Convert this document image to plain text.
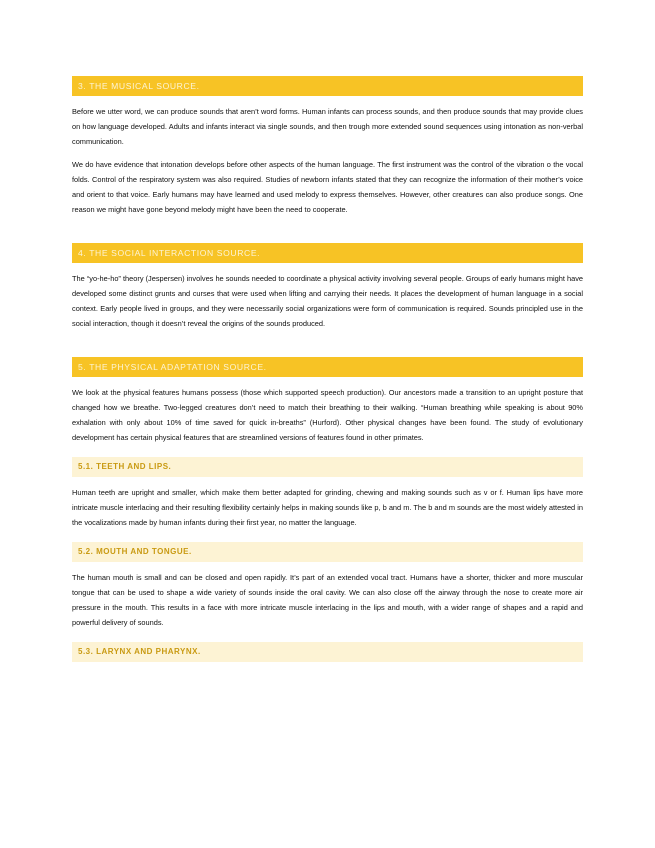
3. THE MUSICAL SOURCE.

Before we utter word, we can produce sounds that aren’t word forms. Human infants can process sounds, and then produce sounds that may provide clues on how language developed. Adults and infants interact via single sounds, and then trough more extended sound sequences using intonation as non-verbal communication.

We do have evidence that intonation develops before other aspects of the human language. The first instrument was the control of the vibration o the vocal folds. Control of the respiratory system was also required. Studies of newborn infants stated that they can recognize the information of their mother’s voice and orient to that voice. Early humans may have learned and used melody to express themselves. However, other creatures can also produce songs. One reason we might have gone beyond melody might have been the need to cooperate.

4. THE SOCIAL INTERACTION SOURCE.

The “yo-he-ho” theory (Jespersen) involves he sounds needed to coordinate a physical activity involving several people. Groups of early humans might have developed some distinct grunts and curses that were used when lifting and carrying their needs. It places the development of human language in a social context. Early people lived in groups, and they were necessarily social organizations were form of communication is required. Sounds principled use in the social interaction, though it doesn’t reveal the origins of the sounds produced.

5. THE PHYSICAL ADAPTATION SOURCE.

We look at the physical features humans possess (those which supported speech production). Our ancestors made a transition to an upright posture that changed how we breathe. Two-legged creatures don’t need to match their breathing to their walking. “Human breathing while speaking is about 90% exhalation with only about 10% of time saved for quick in-breaths” (Hurford). Other physical changes have been found. The study of evolutionary development has certain physical features that are streamlined versions of features found in other primates.

5.1. TEETH AND LIPS.

Human teeth are upright and smaller, which make them better adapted for grinding, chewing and making sounds such as v or f. Human lips have more intricate muscle interlacing and their resulting flexibility certainly helps in making sounds like p, b and m. The b and m sounds are the most widely attested in the vocalizations made by human infants during their first year, no matter the language.

5.2. MOUTH AND TONGUE.

The human mouth is small and can be closed and open rapidly. It’s part of an extended vocal tract. Humans have a shorter, thicker and more muscular tongue that can be used to shape a wide variety of sounds inside the oral cavity. We can also close off the airway through the nose to create more air pressure in the mouth. This results in a face with more intricate muscle interlacing in the lips and mouth, with a wider range of shapes and a rapid and powerful delivery of sounds.

5.3. LARYNX AND PHARYNX.
